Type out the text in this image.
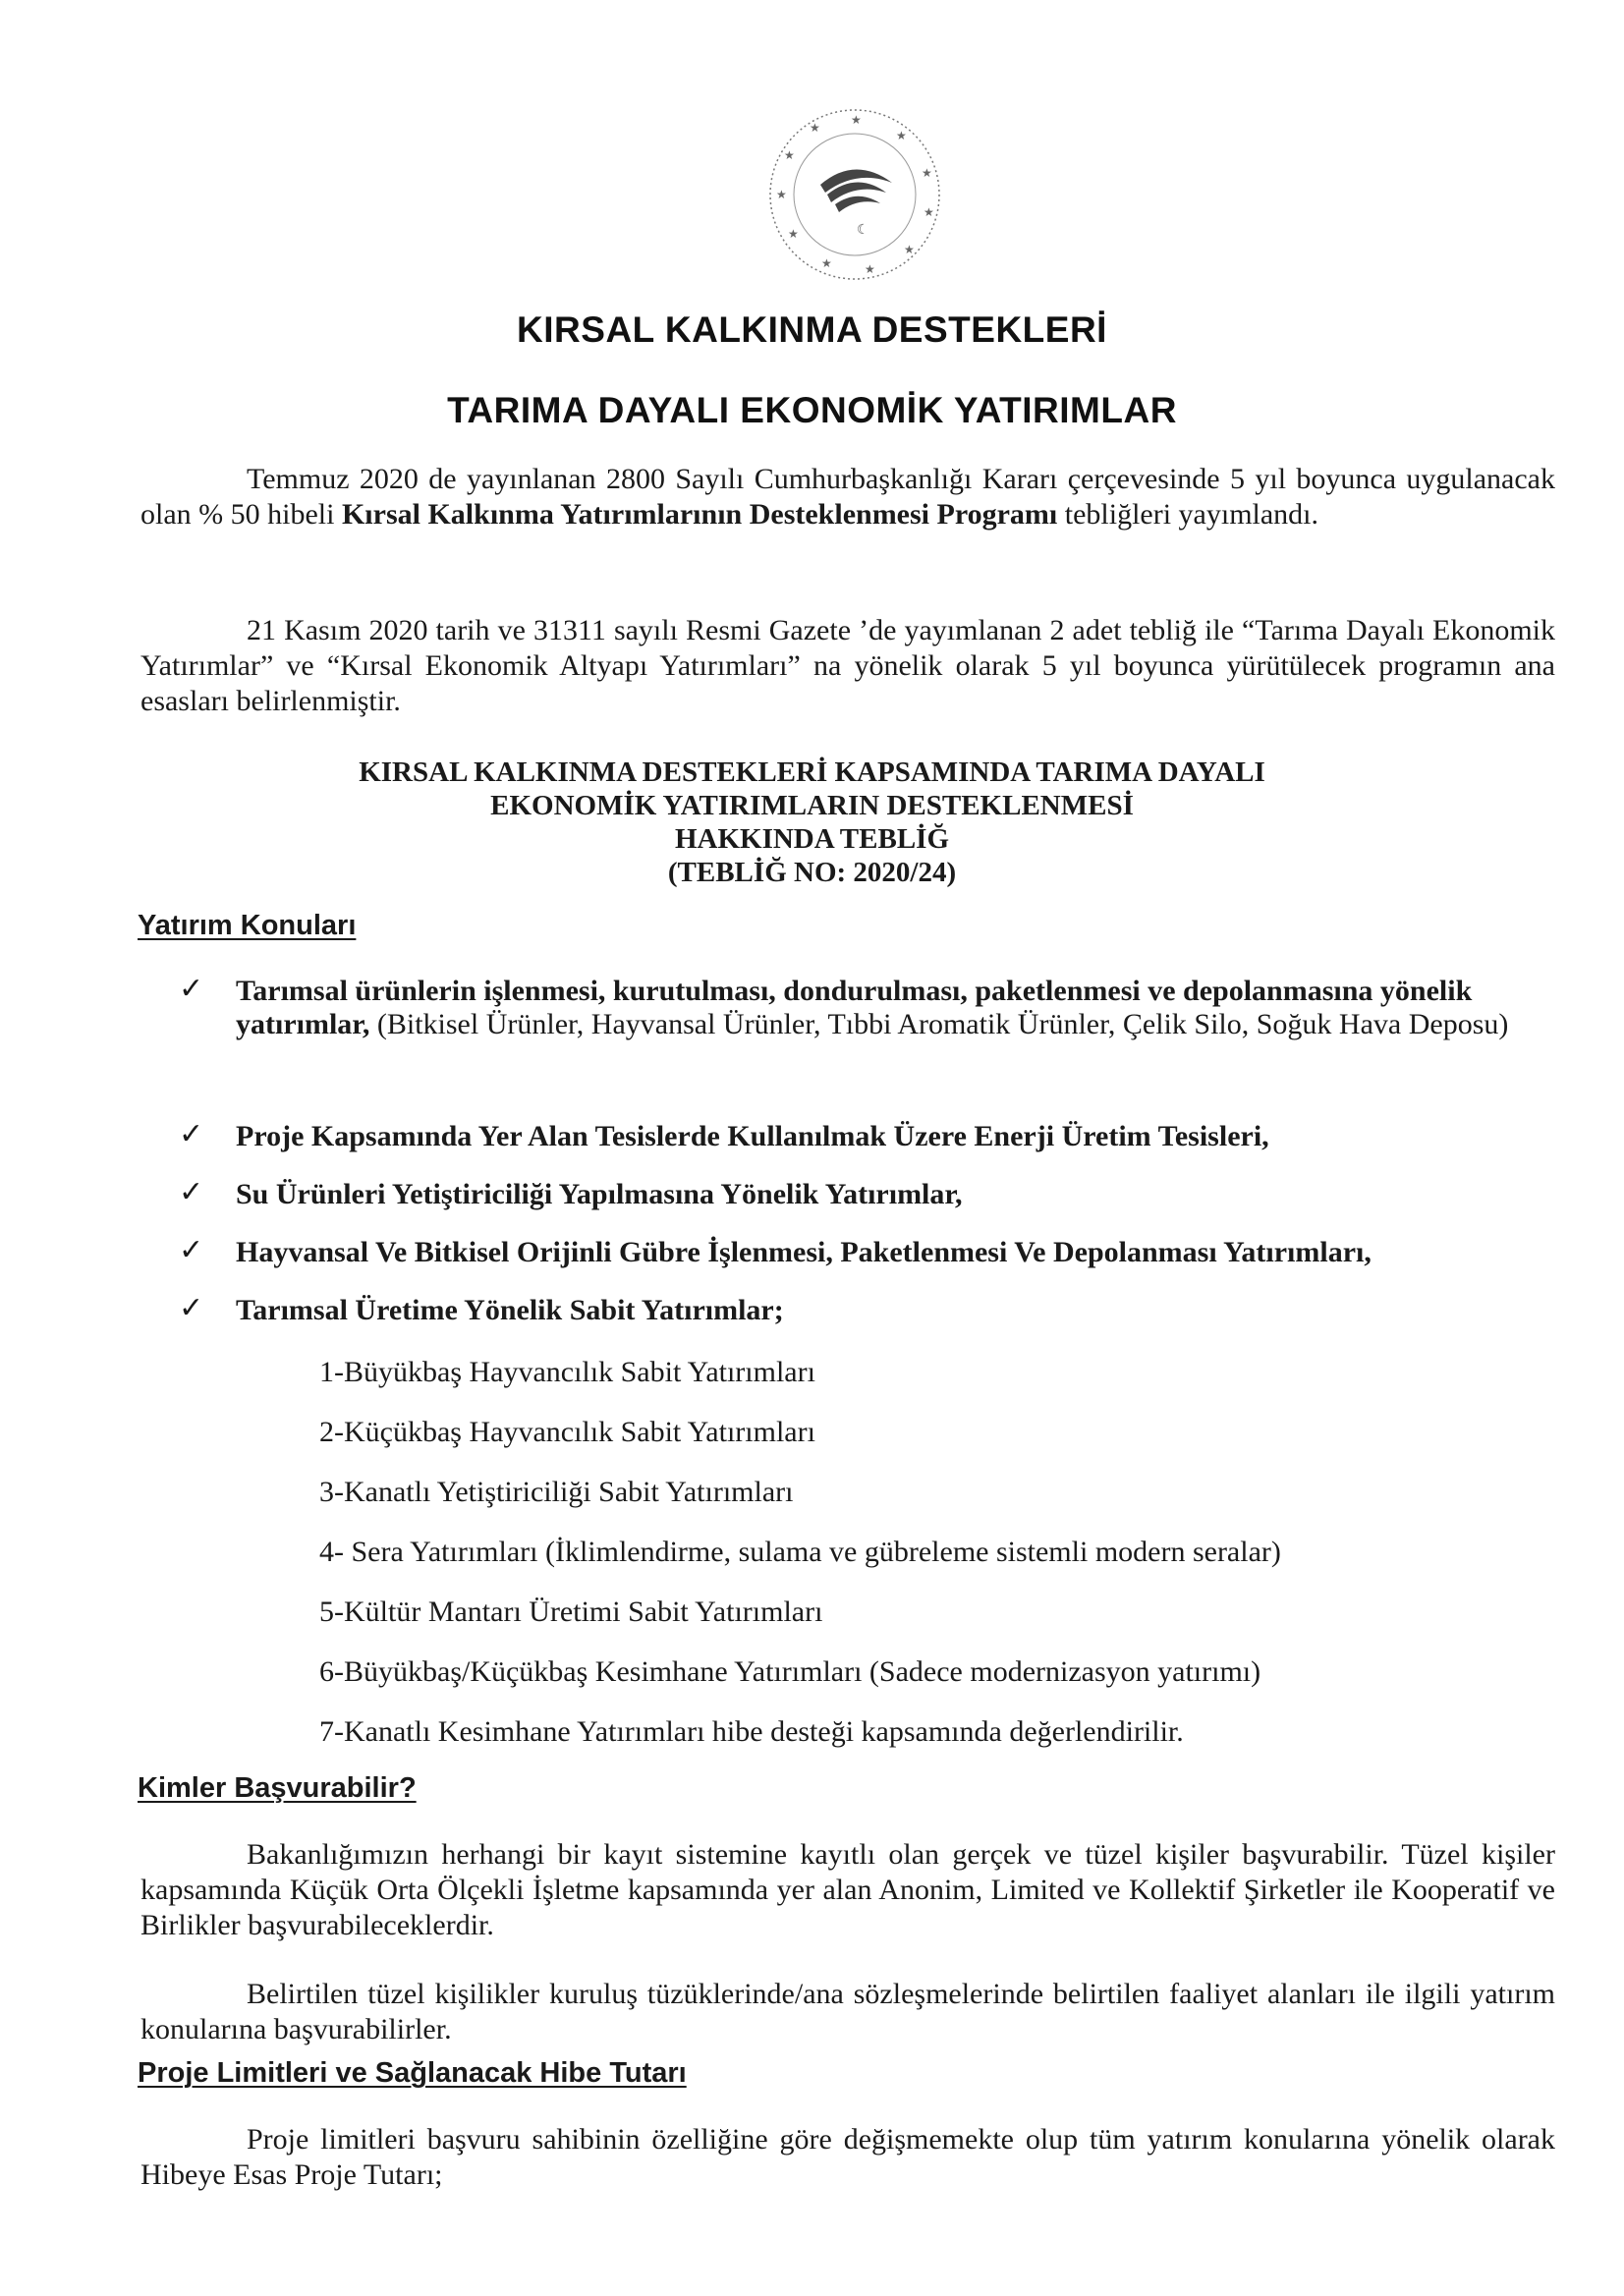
★
★
★
★
★
★
★
★
★
★
★
☾
KIRSAL KALKINMA DESTEKLERİ
TARIMA DAYALI EKONOMİK YATIRIMLAR
Temmuz 2020 de yayınlanan 2800 Sayılı Cumhurbaşkanlığı Kararı çerçevesinde 5 yıl boyunca uygulanacak olan % 50 hibeli Kırsal Kalkınma Yatırımlarının Desteklenmesi Programı tebliğleri yayımlandı.
21 Kasım 2020 tarih ve 31311 sayılı Resmi Gazete ’de yayımlanan 2 adet tebliğ ile “Tarıma Dayalı Ekonomik Yatırımlar” ve “Kırsal Ekonomik Altyapı Yatırımları” na yönelik olarak 5 yıl boyunca yürütülecek programın ana esasları belirlenmiştir.
KIRSAL KALKINMA DESTEKLERİ KAPSAMINDA TARIMA DAYALI
EKONOMİK YATIRIMLARIN DESTEKLENMESİ
HAKKINDA TEBLİĞ
(TEBLİĞ NO: 2020/24)
Yatırım Konuları
✓ Tarımsal ürünlerin işlenmesi, kurutulması, dondurulması, paketlenmesi ve depolanmasına yönelik yatırımlar, (Bitkisel Ürünler, Hayvansal Ürünler, Tıbbi Aromatik Ürünler, Çelik Silo, Soğuk Hava Deposu)
✓ Proje Kapsamında Yer Alan Tesislerde Kullanılmak Üzere Enerji Üretim Tesisleri,
✓ Su Ürünleri Yetiştiriciliği Yapılmasına Yönelik Yatırımlar,
✓ Hayvansal Ve Bitkisel Orijinli Gübre İşlenmesi, Paketlenmesi Ve Depolanması Yatırımları,
✓ Tarımsal Üretime Yönelik Sabit Yatırımlar;
1-Büyükbaş Hayvancılık Sabit Yatırımları
2-Küçükbaş Hayvancılık Sabit Yatırımları
3-Kanatlı Yetiştiriciliği Sabit Yatırımları
4- Sera Yatırımları (İklimlendirme, sulama ve gübreleme sistemli modern seralar)
5-Kültür Mantarı Üretimi Sabit Yatırımları
6-Büyükbaş/Küçükbaş Kesimhane Yatırımları (Sadece modernizasyon yatırımı)
7-Kanatlı Kesimhane Yatırımları hibe desteği kapsamında değerlendirilir.
Kimler Başvurabilir?
Bakanlığımızın herhangi bir kayıt sistemine kayıtlı olan gerçek ve tüzel kişiler başvurabilir. Tüzel kişiler kapsamında Küçük Orta Ölçekli İşletme kapsamında yer alan Anonim, Limited ve Kollektif Şirketler ile Kooperatif ve Birlikler başvurabileceklerdir.
Belirtilen tüzel kişilikler kuruluş tüzüklerinde/ana sözleşmelerinde belirtilen faaliyet alanları ile ilgili yatırım konularına başvurabilirler.
Proje Limitleri ve Sağlanacak Hibe Tutarı
Proje limitleri başvuru sahibinin özelliğine göre değişmemekte olup tüm yatırım konularına yönelik olarak Hibeye Esas Proje Tutarı;
